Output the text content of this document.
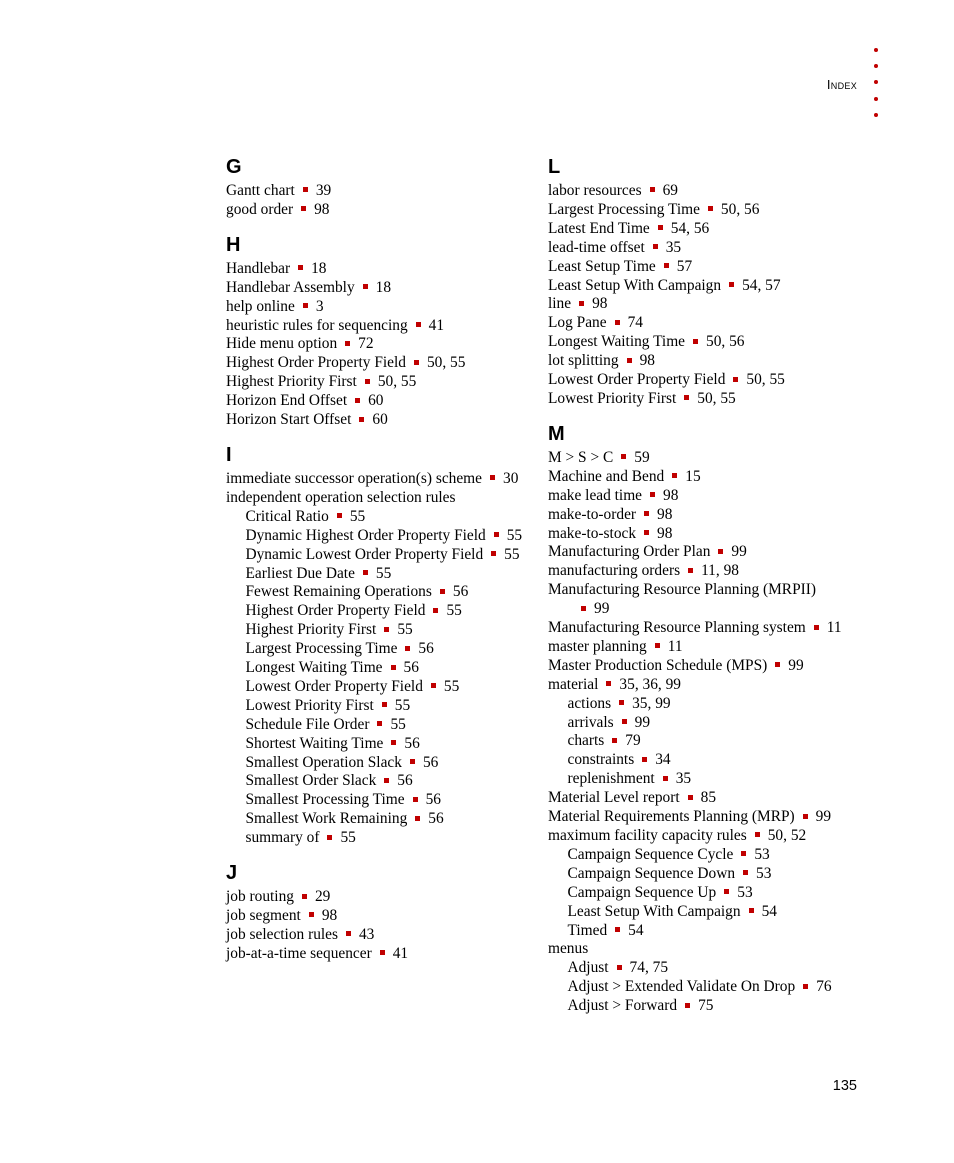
Index
G
Gantt chart 39
good order 98
H
Handlebar 18
Handlebar Assembly 18
help online 3
heuristic rules for sequencing 41
Hide menu option 72
Highest Order Property Field 50, 55
Highest Priority First 50, 55
Horizon End Offset 60
Horizon Start Offset 60
I
immediate successor operation(s) scheme 30
independent operation selection rules
Critical Ratio 55
Dynamic Highest Order Property Field 55
Dynamic Lowest Order Property Field 55
Earliest Due Date 55
Fewest Remaining Operations 56
Highest Order Property Field 55
Highest Priority First 55
Largest Processing Time 56
Longest Waiting Time 56
Lowest Order Property Field 55
Lowest Priority First 55
Schedule File Order 55
Shortest Waiting Time 56
Smallest Operation Slack 56
Smallest Order Slack 56
Smallest Processing Time 56
Smallest Work Remaining 56
summary of 55
J
job routing 29
job segment 98
job selection rules 43
job-at-a-time sequencer 41
L
labor resources 69
Largest Processing Time 50, 56
Latest End Time 54, 56
lead-time offset 35
Least Setup Time 57
Least Setup With Campaign 54, 57
line 98
Log Pane 74
Longest Waiting Time 50, 56
lot splitting 98
Lowest Order Property Field 50, 55
Lowest Priority First 50, 55
M
M > S > C 59
Machine and Bend 15
make lead time 98
make-to-order 98
make-to-stock 98
Manufacturing Order Plan 99
manufacturing orders 11, 98
Manufacturing Resource Planning (MRPII)
99
Manufacturing Resource Planning system 11
master planning 11
Master Production Schedule (MPS) 99
material 35, 36, 99
actions 35, 99
arrivals 99
charts 79
constraints 34
replenishment 35
Material Level report 85
Material Requirements Planning (MRP) 99
maximum facility capacity rules 50, 52
Campaign Sequence Cycle 53
Campaign Sequence Down 53
Campaign Sequence Up 53
Least Setup With Campaign 54
Timed 54
menus
Adjust 74, 75
Adjust > Extended Validate On Drop 76
Adjust > Forward 75
135
